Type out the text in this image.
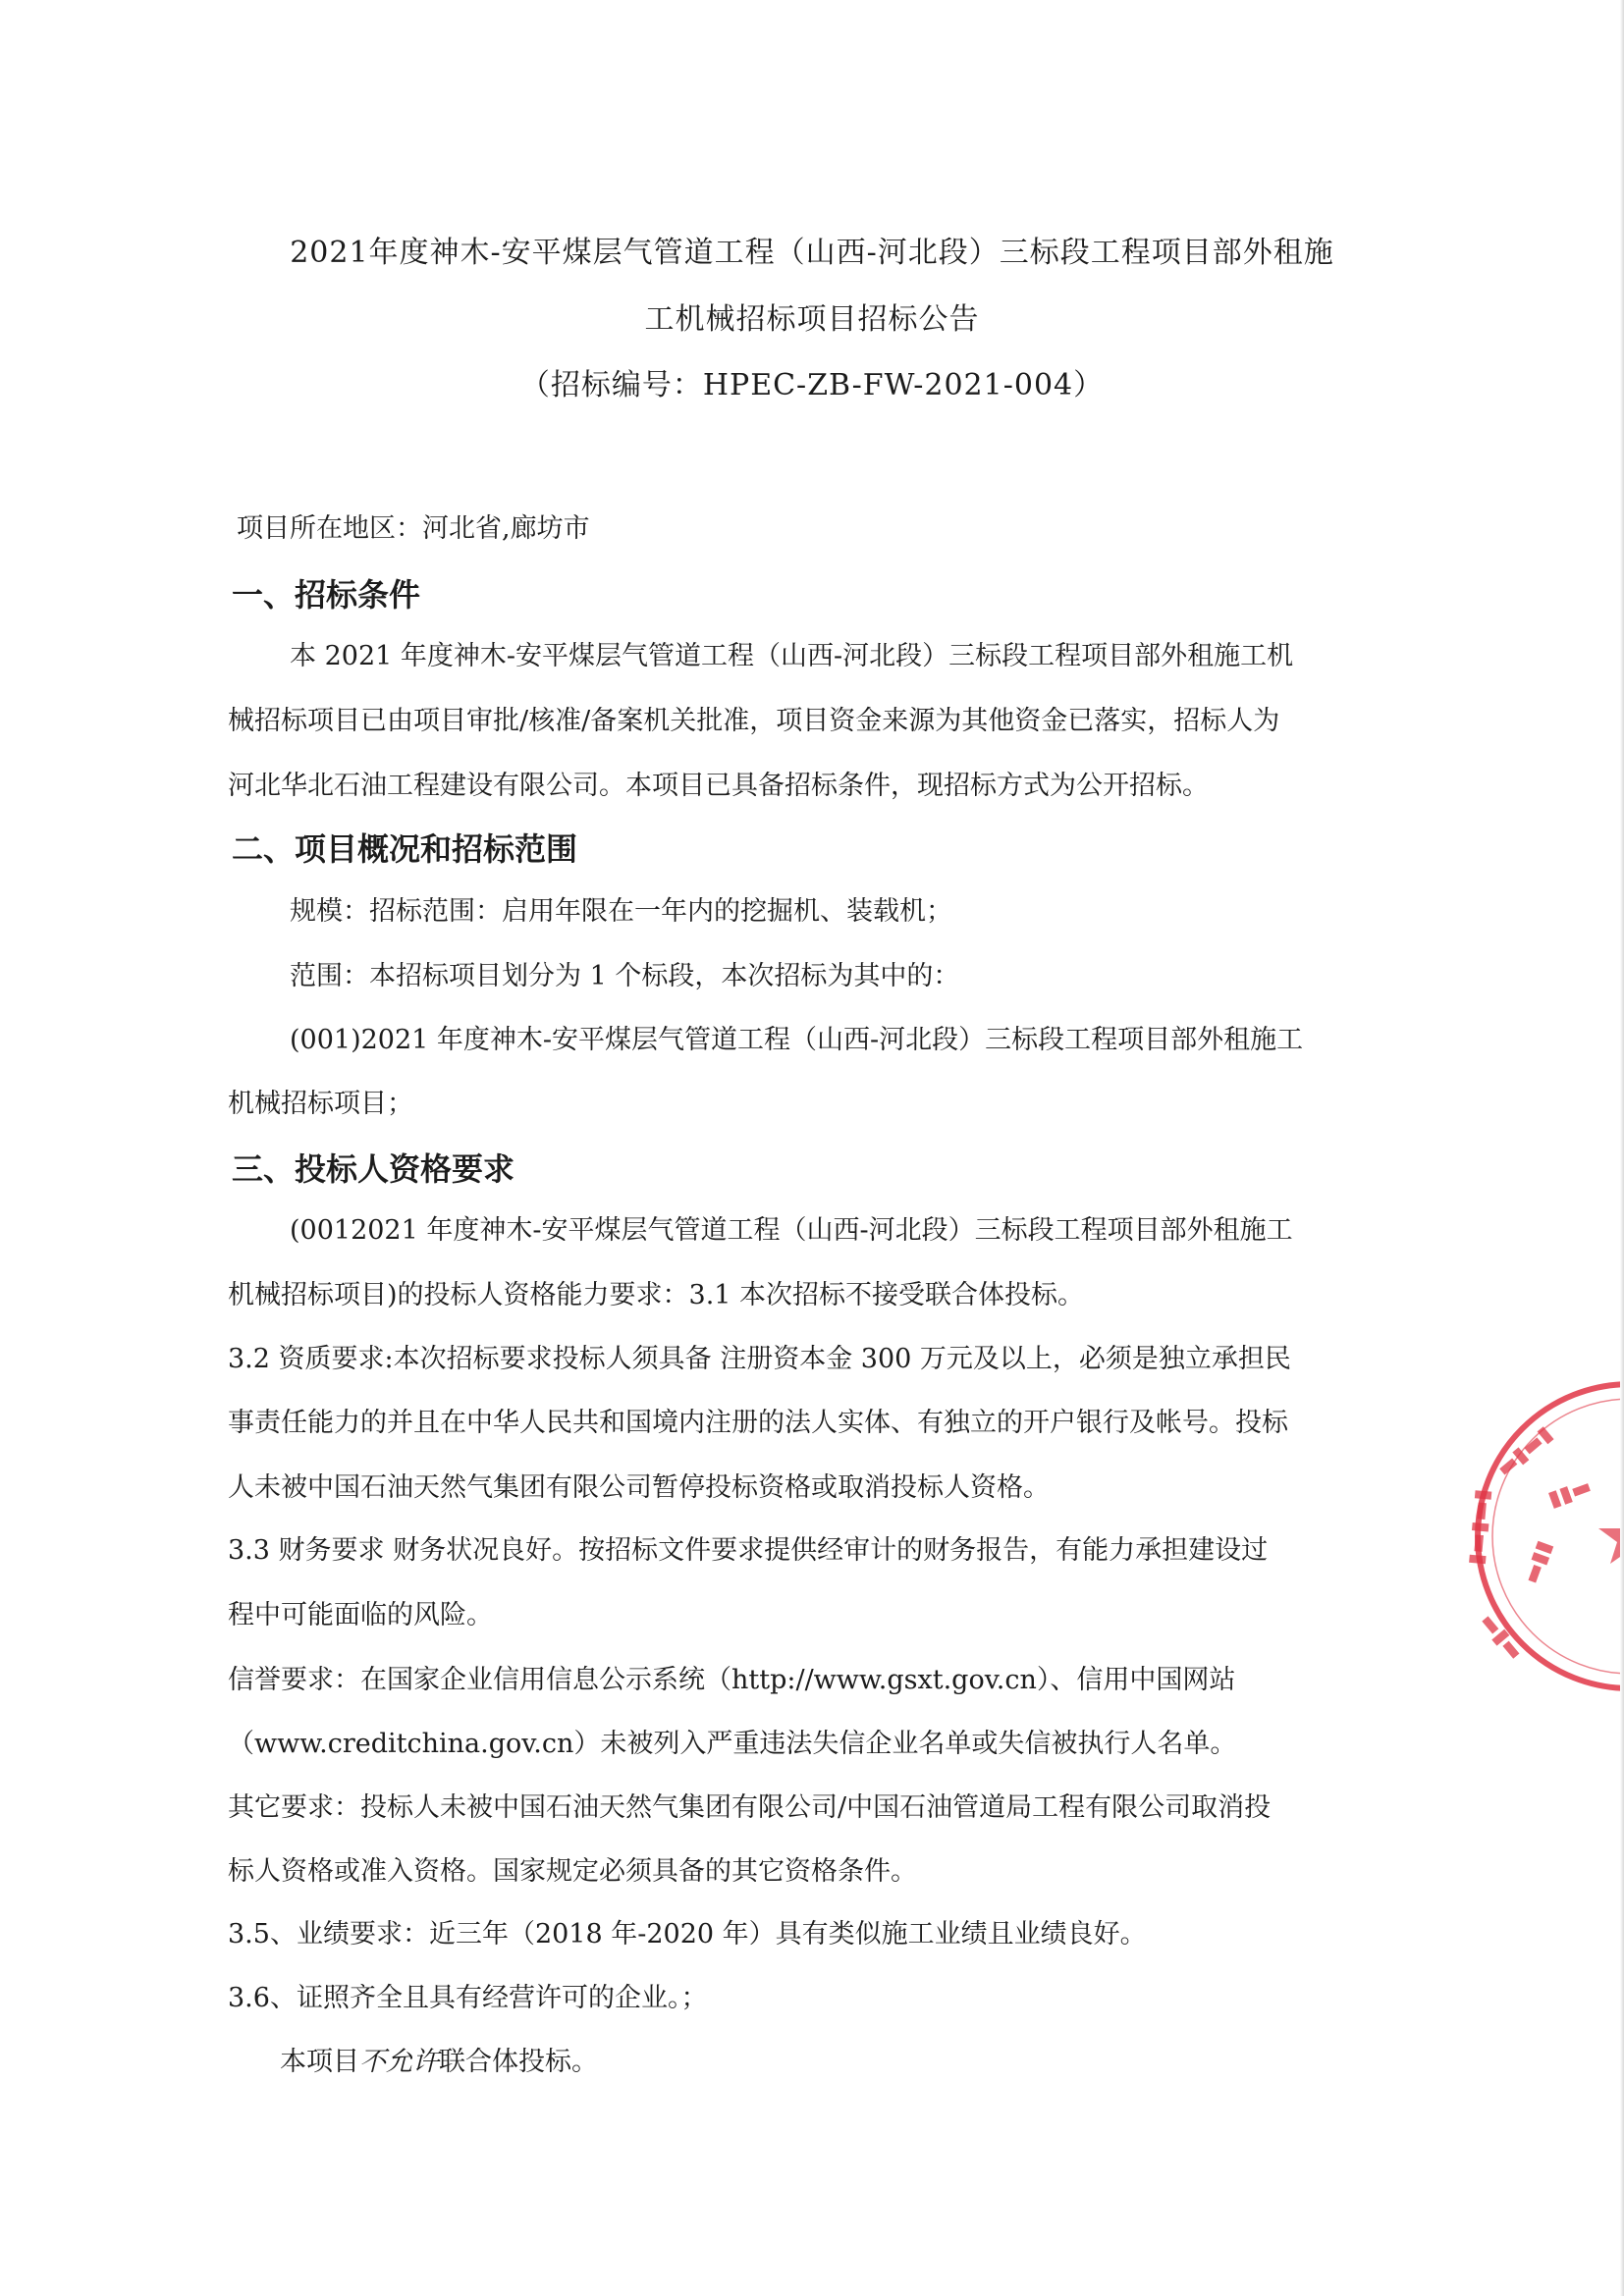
2021年度神木-安平煤层气管道工程（山西-河北段）三标段工程项目部外租施
工机械招标项目招标公告
（招标编号：HPEC-ZB-FW-2021-004）
项目所在地区：河北省,廊坊市
一、招标条件
本 2021 年度神木-安平煤层气管道工程（山西-河北段）三标段工程项目部外租施工机
械招标项目已由项目审批/核准/备案机关批准，项目资金来源为其他资金已落实，招标人为
河北华北石油工程建设有限公司。本项目已具备招标条件，现招标方式为公开招标。
二、项目概况和招标范围
规模：招标范围：启用年限在一年内的挖掘机、装载机；
范围：本招标项目划分为 1 个标段，本次招标为其中的：
(001)2021 年度神木-安平煤层气管道工程（山西-河北段）三标段工程项目部外租施工
机械招标项目；
三、投标人资格要求
(0012021 年度神木-安平煤层气管道工程（山西-河北段）三标段工程项目部外租施工
机械招标项目)的投标人资格能力要求：3.1 本次招标不接受联合体投标。
3.2 资质要求:本次招标要求投标人须具备 注册资本金 300 万元及以上，必须是独立承担民
事责任能力的并且在中华人民共和国境内注册的法人实体、有独立的开户银行及帐号。投标
人未被中国石油天然气集团有限公司暂停投标资格或取消投标人资格。
3.3 财务要求 财务状况良好。按招标文件要求提供经审计的财务报告，有能力承担建设过
程中可能面临的风险。
信誉要求：在国家企业信用信息公示系统（http://www.gsxt.gov.cn）、信用中国网站
（www.creditchina.gov.cn）未被列入严重违法失信企业名单或失信被执行人名单。
其它要求：投标人未被中国石油天然气集团有限公司/中国石油管道局工程有限公司取消投
标人资格或准入资格。国家规定必须具备的其它资格条件。
3.5、业绩要求：近三年（2018 年-2020 年）具有类似施工业绩且业绩良好。
3.6、证照齐全且具有经营许可的企业。；
本项目不允许联合体投标。
▬▮▬▮
▮▬▮▬▮
▬▮▬
▮▮▬
▬▮▮
